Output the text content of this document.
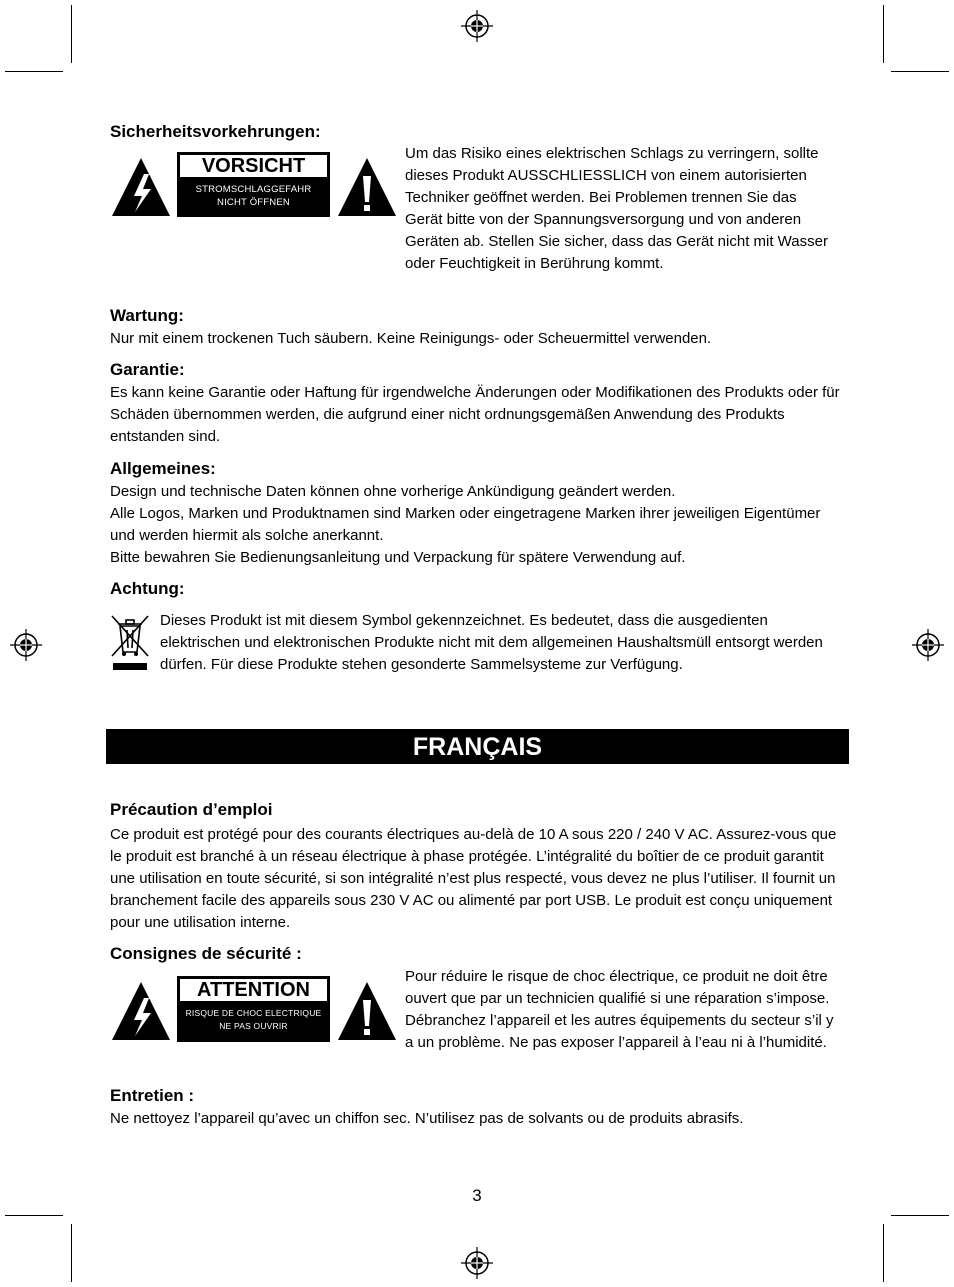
Sicherheitsvorkehrungen:
VORSICHT
STROMSCHLAGGEFAHR
NICHT ÖFFNEN

Um das Risiko eines elektrischen Schlags zu verringern, sollte dieses Produkt AUSSCHLIESSLICH von einem autorisierten Techniker geöffnet werden. Bei Problemen trennen Sie das Gerät bitte von der Spannungsversorgung und von anderen Geräten ab. Stellen Sie sicher, dass das Gerät nicht mit Wasser oder Feuchtigkeit in Berührung kommt.

Wartung:

Nur mit einem trockenen Tuch säubern. Keine Reinigungs- oder Scheuermittel verwenden.

Garantie:

Es kann keine Garantie oder Haftung für irgendwelche Änderungen oder Modifikationen des Produkts oder für Schäden übernommen werden, die aufgrund einer nicht ordnungsgemäßen Anwendung des Produkts entstanden sind.

Allgemeines:

Design und technische Daten können ohne vorherige Ankündigung geändert werden.

Alle Logos, Marken und Produktnamen sind Marken oder eingetragene Marken ihrer jeweiligen Eigentümer und werden hiermit als solche anerkannt.

Bitte bewahren Sie Bedienungsanleitung und Verpackung für spätere Verwendung auf.

Achtung:

Dieses Produkt ist mit diesem Symbol gekennzeichnet. Es bedeutet, dass die ausgedienten elektrischen und elektronischen Produkte nicht mit dem allgemeinen Haushaltsmüll entsorgt werden dürfen. Für diese Produkte stehen gesonderte Sammelsysteme zur Verfügung.

FRANÇAIS
Précaution d’emploi

Ce produit est protégé pour des courants électriques au-delà de 10 A sous 220 / 240 V AC. Assurez-vous que le produit est branché à un réseau électrique à phase protégée. L’intégralité du boîtier de ce produit garantit une utilisation en toute sécurité, si son intégralité n’est plus respecté, vous devez ne plus l’utiliser. Il fournit un branchement facile des appareils sous 230 V AC ou alimenté par port USB. Le produit est conçu uniquement pour une utilisation interne.

Consignes de sécurité :
ATTENTION
RISQUE DE CHOC ELECTRIQUE
NE PAS OUVRIR

Pour réduire le risque de choc électrique, ce produit ne doit être ouvert que par un technicien qualifié si une réparation s’impose. Débranchez l’appareil et les autres équipements du secteur s’il y a un problème. Ne pas exposer l’appareil à l’eau ni à l’humidité.

Entretien :

Ne nettoyez l’appareil qu’avec un chiffon sec. N’utilisez pas de solvants ou de produits abrasifs.

3
